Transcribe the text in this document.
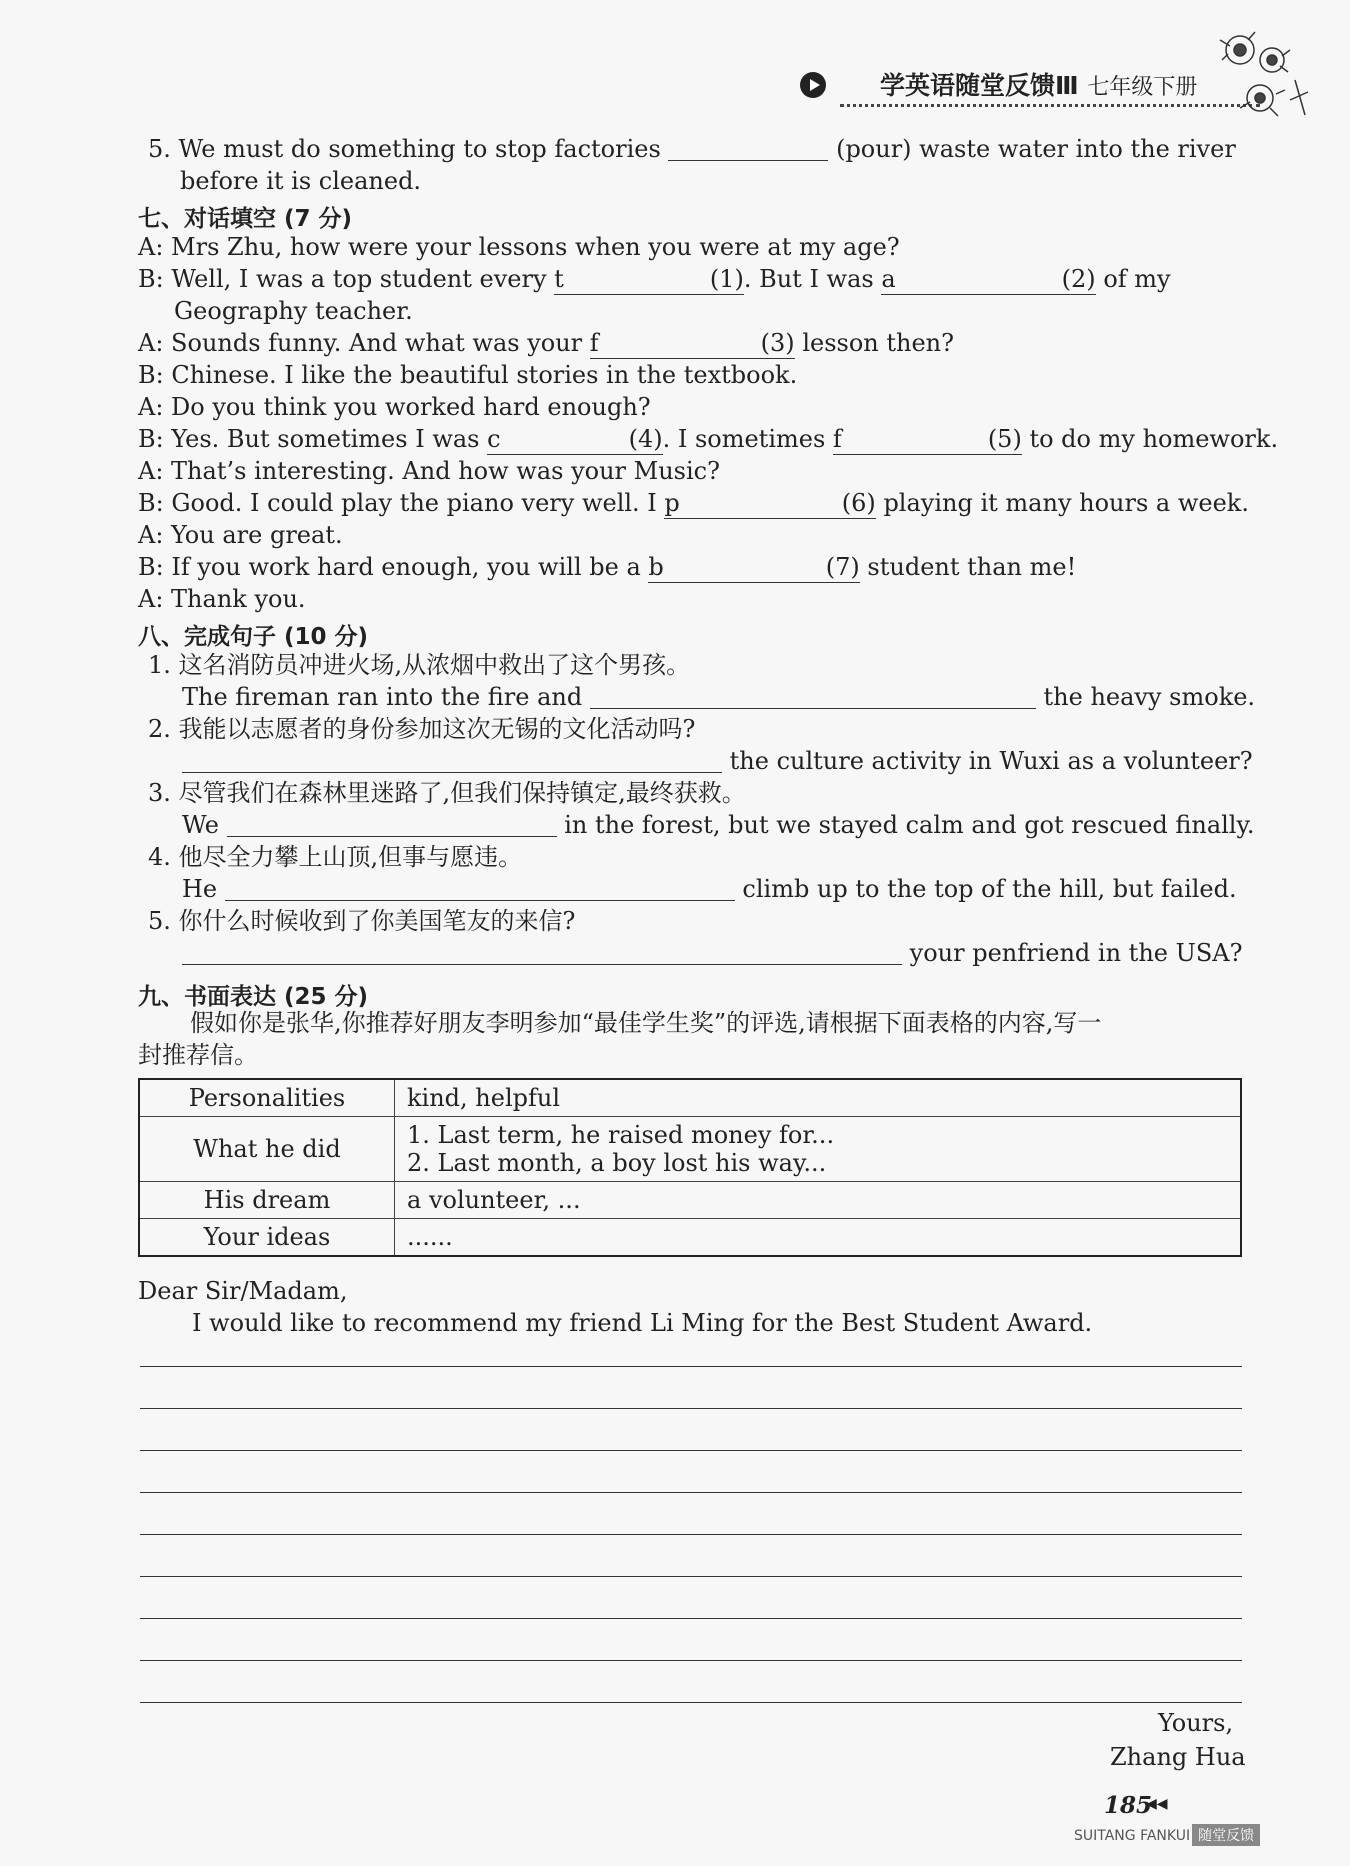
学英语随堂反馈Ⅲ 七年级下册
5. We must do something to stop factories	(pour) waste water into the river
before it is cleaned.
七、对话填空 (7 分)
A: Mrs Zhu, how were your lessons when you were at my age?
B: Well, I was a top student every t	(1). But I was a	(2) of my
Geography teacher.
A: Sounds funny. And what was your f	(3) lesson then?
B: Chinese. I like the beautiful stories in the textbook.
A: Do you think you worked hard enough?
B: Yes. But sometimes I was c	(4). I sometimes f	(5) to do my homework.
A: That’s interesting. And how was your Music?
B: Good. I could play the piano very well. I p	(6) playing it many hours a week.
A: You are great.
B: If you work hard enough, you will be a b	(7) student than me!
A: Thank you.
八、完成句子 (10 分)
1. 这名消防员冲进火场,从浓烟中救出了这个男孩。
The fireman ran into the fire and	the heavy smoke.
2. 我能以志愿者的身份参加这次无锡的文化活动吗?
the culture activity in Wuxi as a volunteer?
3. 尽管我们在森林里迷路了,但我们保持镇定,最终获救。
We	in the forest, but we stayed calm and got rescued finally.
4. 他尽全力攀上山顶,但事与愿违。
He	climb up to the top of the hill, but failed.
5. 你什么时候收到了你美国笔友的来信?
your penfriend in the USA?
九、书面表达 (25 分)
假如你是张华,你推荐好朋友李明参加“最佳学生奖”的评选,请根据下面表格的内容,写一
封推荐信。
Personalities	kind, helpful
What he did	1. Last term, he raised money for...
2. Last month, a boy lost his way...

His dream	a volunteer, ...
Your ideas	......
Dear Sir/Madam,
I would like to recommend my friend Li Ming for the Best Student Award.
Yours,
Zhang Hua
185
◀◀
SUITANG FANKUI 随堂反馈
